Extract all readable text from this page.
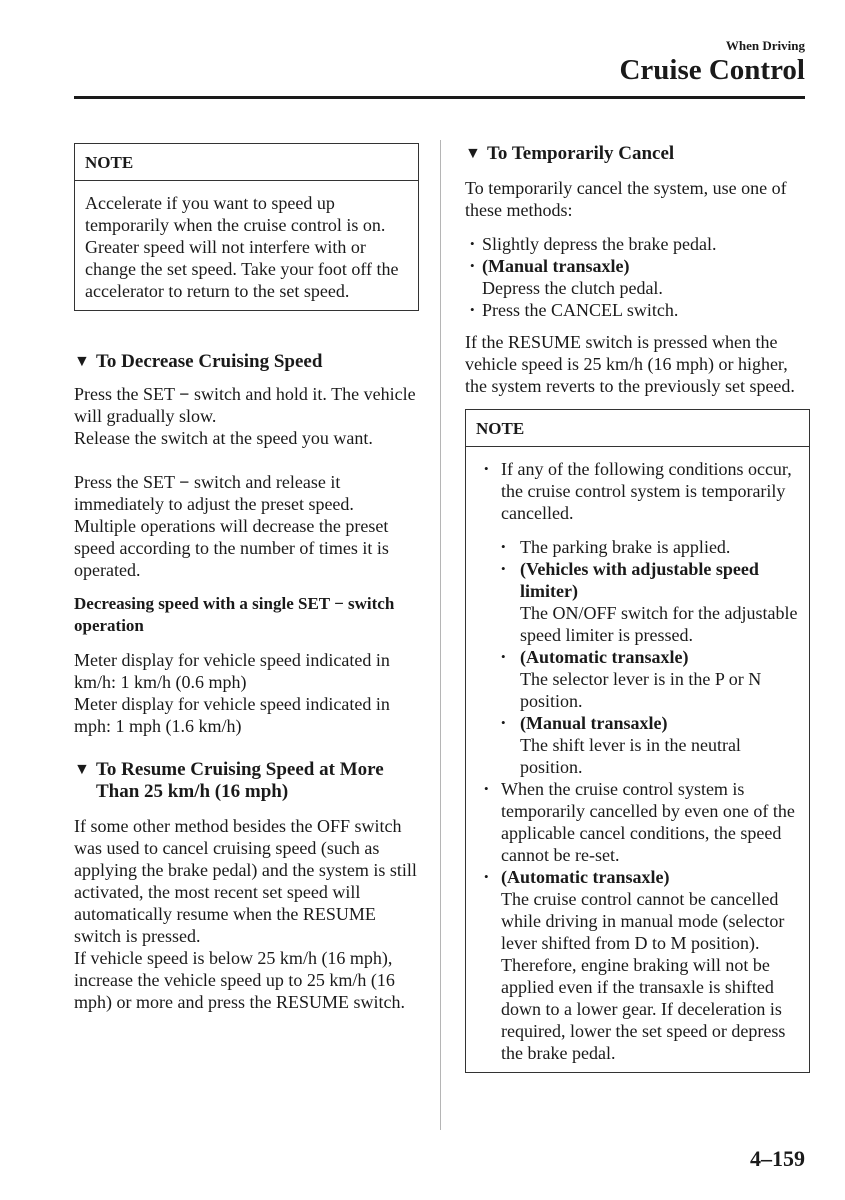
When Driving
Cruise Control
NOTE
Accelerate if you want to speed up temporarily when the cruise control is on. Greater speed will not interfere with or change the set speed. Take your foot off the accelerator to return to the set speed.
▼ To Decrease Cruising Speed

Press the SET − switch and hold it. The vehicle will gradually slow.

Release the switch at the speed you want.

Press the SET − switch and release it immediately to adjust the preset speed. Multiple operations will decrease the preset speed according to the number of times it is operated.

Decreasing speed with a single SET − switch operation

Meter display for vehicle speed indicated in km/h: 1 km/h (0.6 mph)

Meter display for vehicle speed indicated in mph: 1 mph (1.6 km/h)

▼ To Resume Cruising Speed at More Than 25 km/h (16 mph)

If some other method besides the OFF switch was used to cancel cruising speed (such as applying the brake pedal) and the system is still activated, the most recent set speed will automatically resume when the RESUME switch is pressed.

If vehicle speed is below 25 km/h (16 mph), increase the vehicle speed up to 25 km/h (16 mph) or more and press the RESUME switch.

▼ To Temporarily Cancel

To temporarily cancel the system, use one of these methods:

• Slightly depress the brake pedal.
• (Manual transaxle)
Depress the clutch pedal.
• Press the CANCEL switch.

If the RESUME switch is pressed when the vehicle speed is 25 km/h (16 mph) or higher, the system reverts to the previously set speed.

NOTE
• If any of the following conditions occur, the cruise control system is temporarily cancelled.
• The parking brake is applied.
• (Vehicles with adjustable speed limiter)
The ON/OFF switch for the adjustable speed limiter is pressed.
• (Automatic transaxle)
The selector lever is in the P or N position.
• (Manual transaxle)
The shift lever is in the neutral position.
• When the cruise control system is temporarily cancelled by even one of the applicable cancel conditions, the speed cannot be re-set.
• (Automatic transaxle)
The cruise control cannot be cancelled while driving in manual mode (selector lever shifted from D to M position). Therefore, engine braking will not be applied even if the transaxle is shifted down to a lower gear. If deceleration is required, lower the set speed or depress the brake pedal.
4–159
